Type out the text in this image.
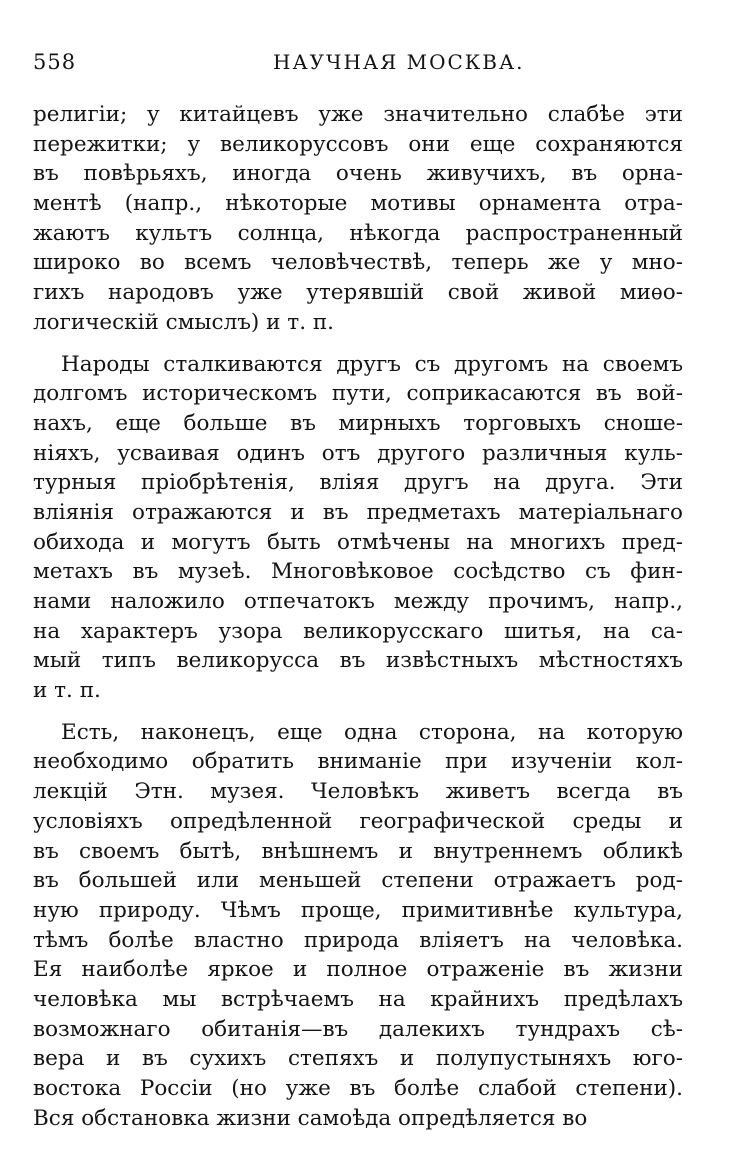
558	НАУЧНАЯ МОСКВА.
религіи; у китайцевъ уже значительно слабѣе эти
пережитки; у великоруссовъ они еще сохраняются
въ повѣрьяхъ, иногда очень живучихъ, въ орна-
ментѣ (напр., нѣкоторые мотивы орнамента отра-
жаютъ культъ солнца, нѣкогда распространенный
широко во всемъ человѣчествѣ, теперь же у мно-
гихъ народовъ уже утерявшій свой живой миѳо-
логическій смыслъ) и т. п.
Народы сталкиваются другъ съ другомъ на своемъ
долгомъ историческомъ пути, соприкасаются въ вой-
нахъ, еще больше въ мирныхъ торговыхъ сноше-
ніяхъ, усваивая одинъ отъ другого различныя куль-
турныя пріобрѣтенія, вліяя другъ на друга. Эти
вліянія отражаются и въ предметахъ матеріальнаго
обихода и могутъ быть отмѣчены на многихъ пред-
метахъ въ музеѣ. Многовѣковое сосѣдство съ фин-
нами наложило отпечатокъ между прочимъ, напр.,
на характеръ узора великорусскаго шитья, на са-
мый типъ великорусса въ извѣстныхъ мѣстностяхъ
и т. п.
Есть, наконецъ, еще одна сторона, на которую
необходимо обратить вниманіе при изученіи кол-
лекцій Этн. музея. Человѣкъ живетъ всегда въ
условіяхъ опредѣленной географической среды и
въ своемъ бытѣ, внѣшнемъ и внутреннемъ обликѣ
въ большей или меньшей степени отражаетъ род-
ную природу. Чѣмъ проще, примитивнѣе культура,
тѣмъ болѣе властно природа вліяетъ на человѣка.
Ея наиболѣе яркое и полное отраженіе въ жизни
человѣка мы встрѣчаемъ на крайнихъ предѣлахъ
возможнаго обитанія—въ далекихъ тундрахъ сѣ-
вера и въ сухихъ степяхъ и полупустыняхъ юго-
востока Россіи (но уже въ болѣе слабой степени).
Вся обстановка жизни самоѣда опредѣляется во
